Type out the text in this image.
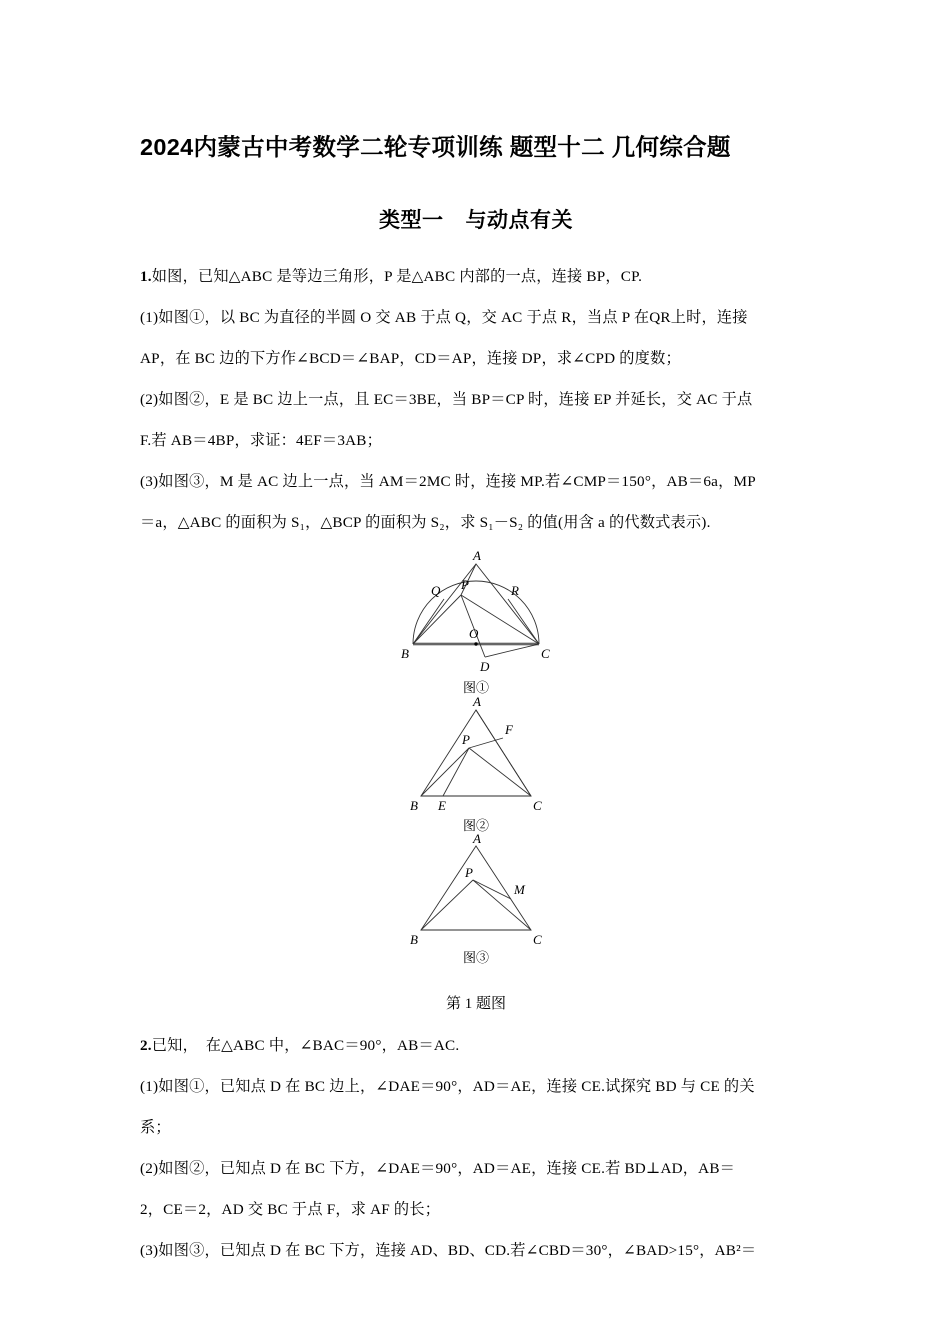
2024内蒙古中考数学二轮专项训练 题型十二 几何综合题
类型一 与动点有关

1.如图，已知△ABC 是等边三角形，P 是△ABC 内部的一点，连接 BP，CP.

(1)如图①，以 BC 为直径的半圆 O 交 AB 于点 Q，交 AC 于点 R，当点 P 在QR上时，连接

AP，在 BC 边的下方作∠BCD＝∠BAP，CD＝AP，连接 DP，求∠CPD 的度数；

(2)如图②，E 是 BC 边上一点，且 EC＝3BE，当 BP＝CP 时，连接 EP 并延长，交 AC 于点

F.若 AB＝4BP，求证：4EF＝3AB；

(3)如图③，M 是 AC 边上一点，当 AM＝2MC 时，连接 MP.若∠CMP＝150°，AB＝6a，MP

＝a，△ABC 的面积为 S₁，△BCP 的面积为 S₂，求 S₁－S₂ 的值(用含 a 的代数式表示).

A
Q P	R
B
O
D
C
图①
A
F
P
B E	C
图②
A
P
M
B	C
图③
第 1 题图

2.已知，　在△ABC 中，∠BAC＝90°，AB＝AC.

(1)如图①，已知点 D 在 BC 边上，∠DAE＝90°，AD＝AE，连接 CE.试探究 BD 与 CE 的关

系；

(2)如图②，已知点 D 在 BC 下方，∠DAE＝90°，AD＝AE，连接 CE.若 BD⊥AD，AB＝

2，CE＝2，AD 交 BC 于点 F，求 AF 的长；

(3)如图③，已知点 D 在 BC 下方，连接 AD、BD、CD.若∠CBD＝30°，∠BAD>15°，AB²＝
